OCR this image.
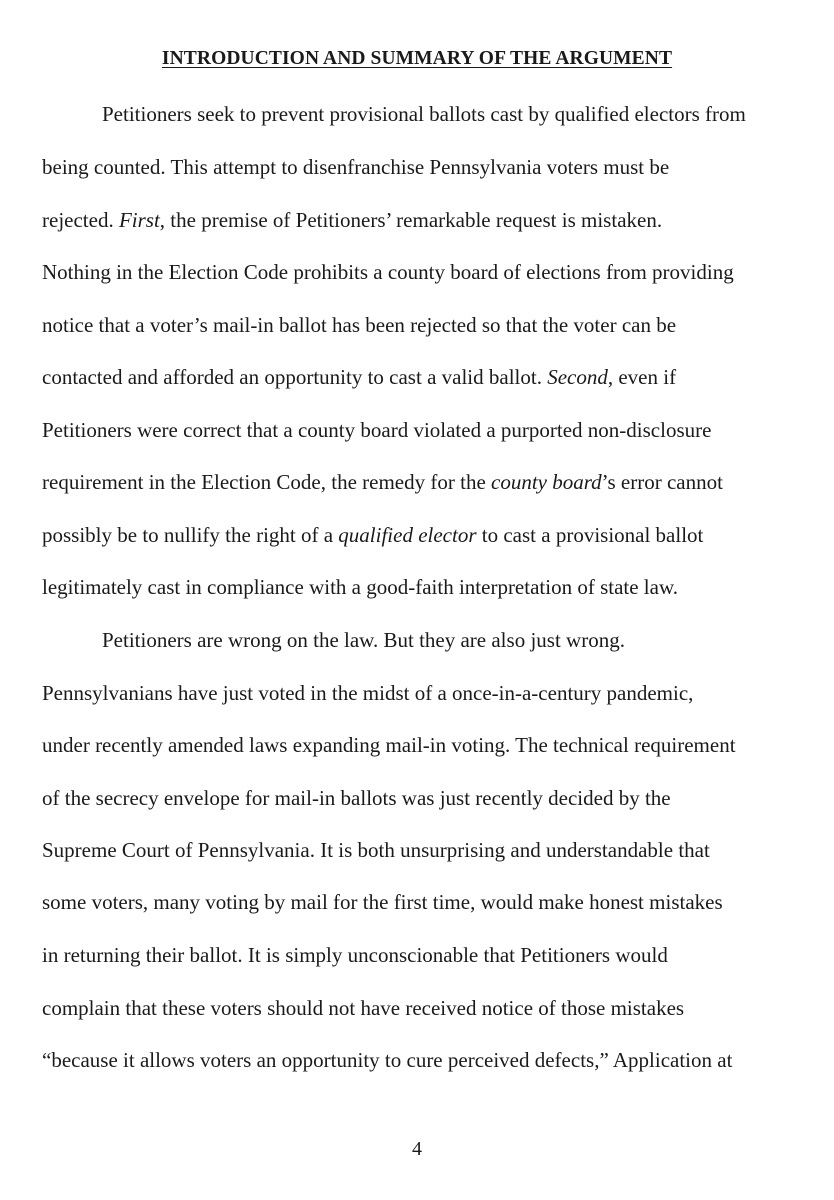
INTRODUCTION AND SUMMARY OF THE ARGUMENT
Petitioners seek to prevent provisional ballots cast by qualified electors from
being counted. This attempt to disenfranchise Pennsylvania voters must be
rejected. First, the premise of Petitioners’ remarkable request is mistaken.
Nothing in the Election Code prohibits a county board of elections from providing
notice that a voter’s mail-in ballot has been rejected so that the voter can be
contacted and afforded an opportunity to cast a valid ballot. Second, even if
Petitioners were correct that a county board violated a purported non-disclosure
requirement in the Election Code, the remedy for the county board’s error cannot
possibly be to nullify the right of a qualified elector to cast a provisional ballot
legitimately cast in compliance with a good-faith interpretation of state law.
Petitioners are wrong on the law. But they are also just wrong.
Pennsylvanians have just voted in the midst of a once-in-a-century pandemic,
under recently amended laws expanding mail-in voting. The technical requirement
of the secrecy envelope for mail-in ballots was just recently decided by the
Supreme Court of Pennsylvania. It is both unsurprising and understandable that
some voters, many voting by mail for the first time, would make honest mistakes
in returning their ballot. It is simply unconscionable that Petitioners would
complain that these voters should not have received notice of those mistakes
“because it allows voters an opportunity to cure perceived defects,” Application at
4
